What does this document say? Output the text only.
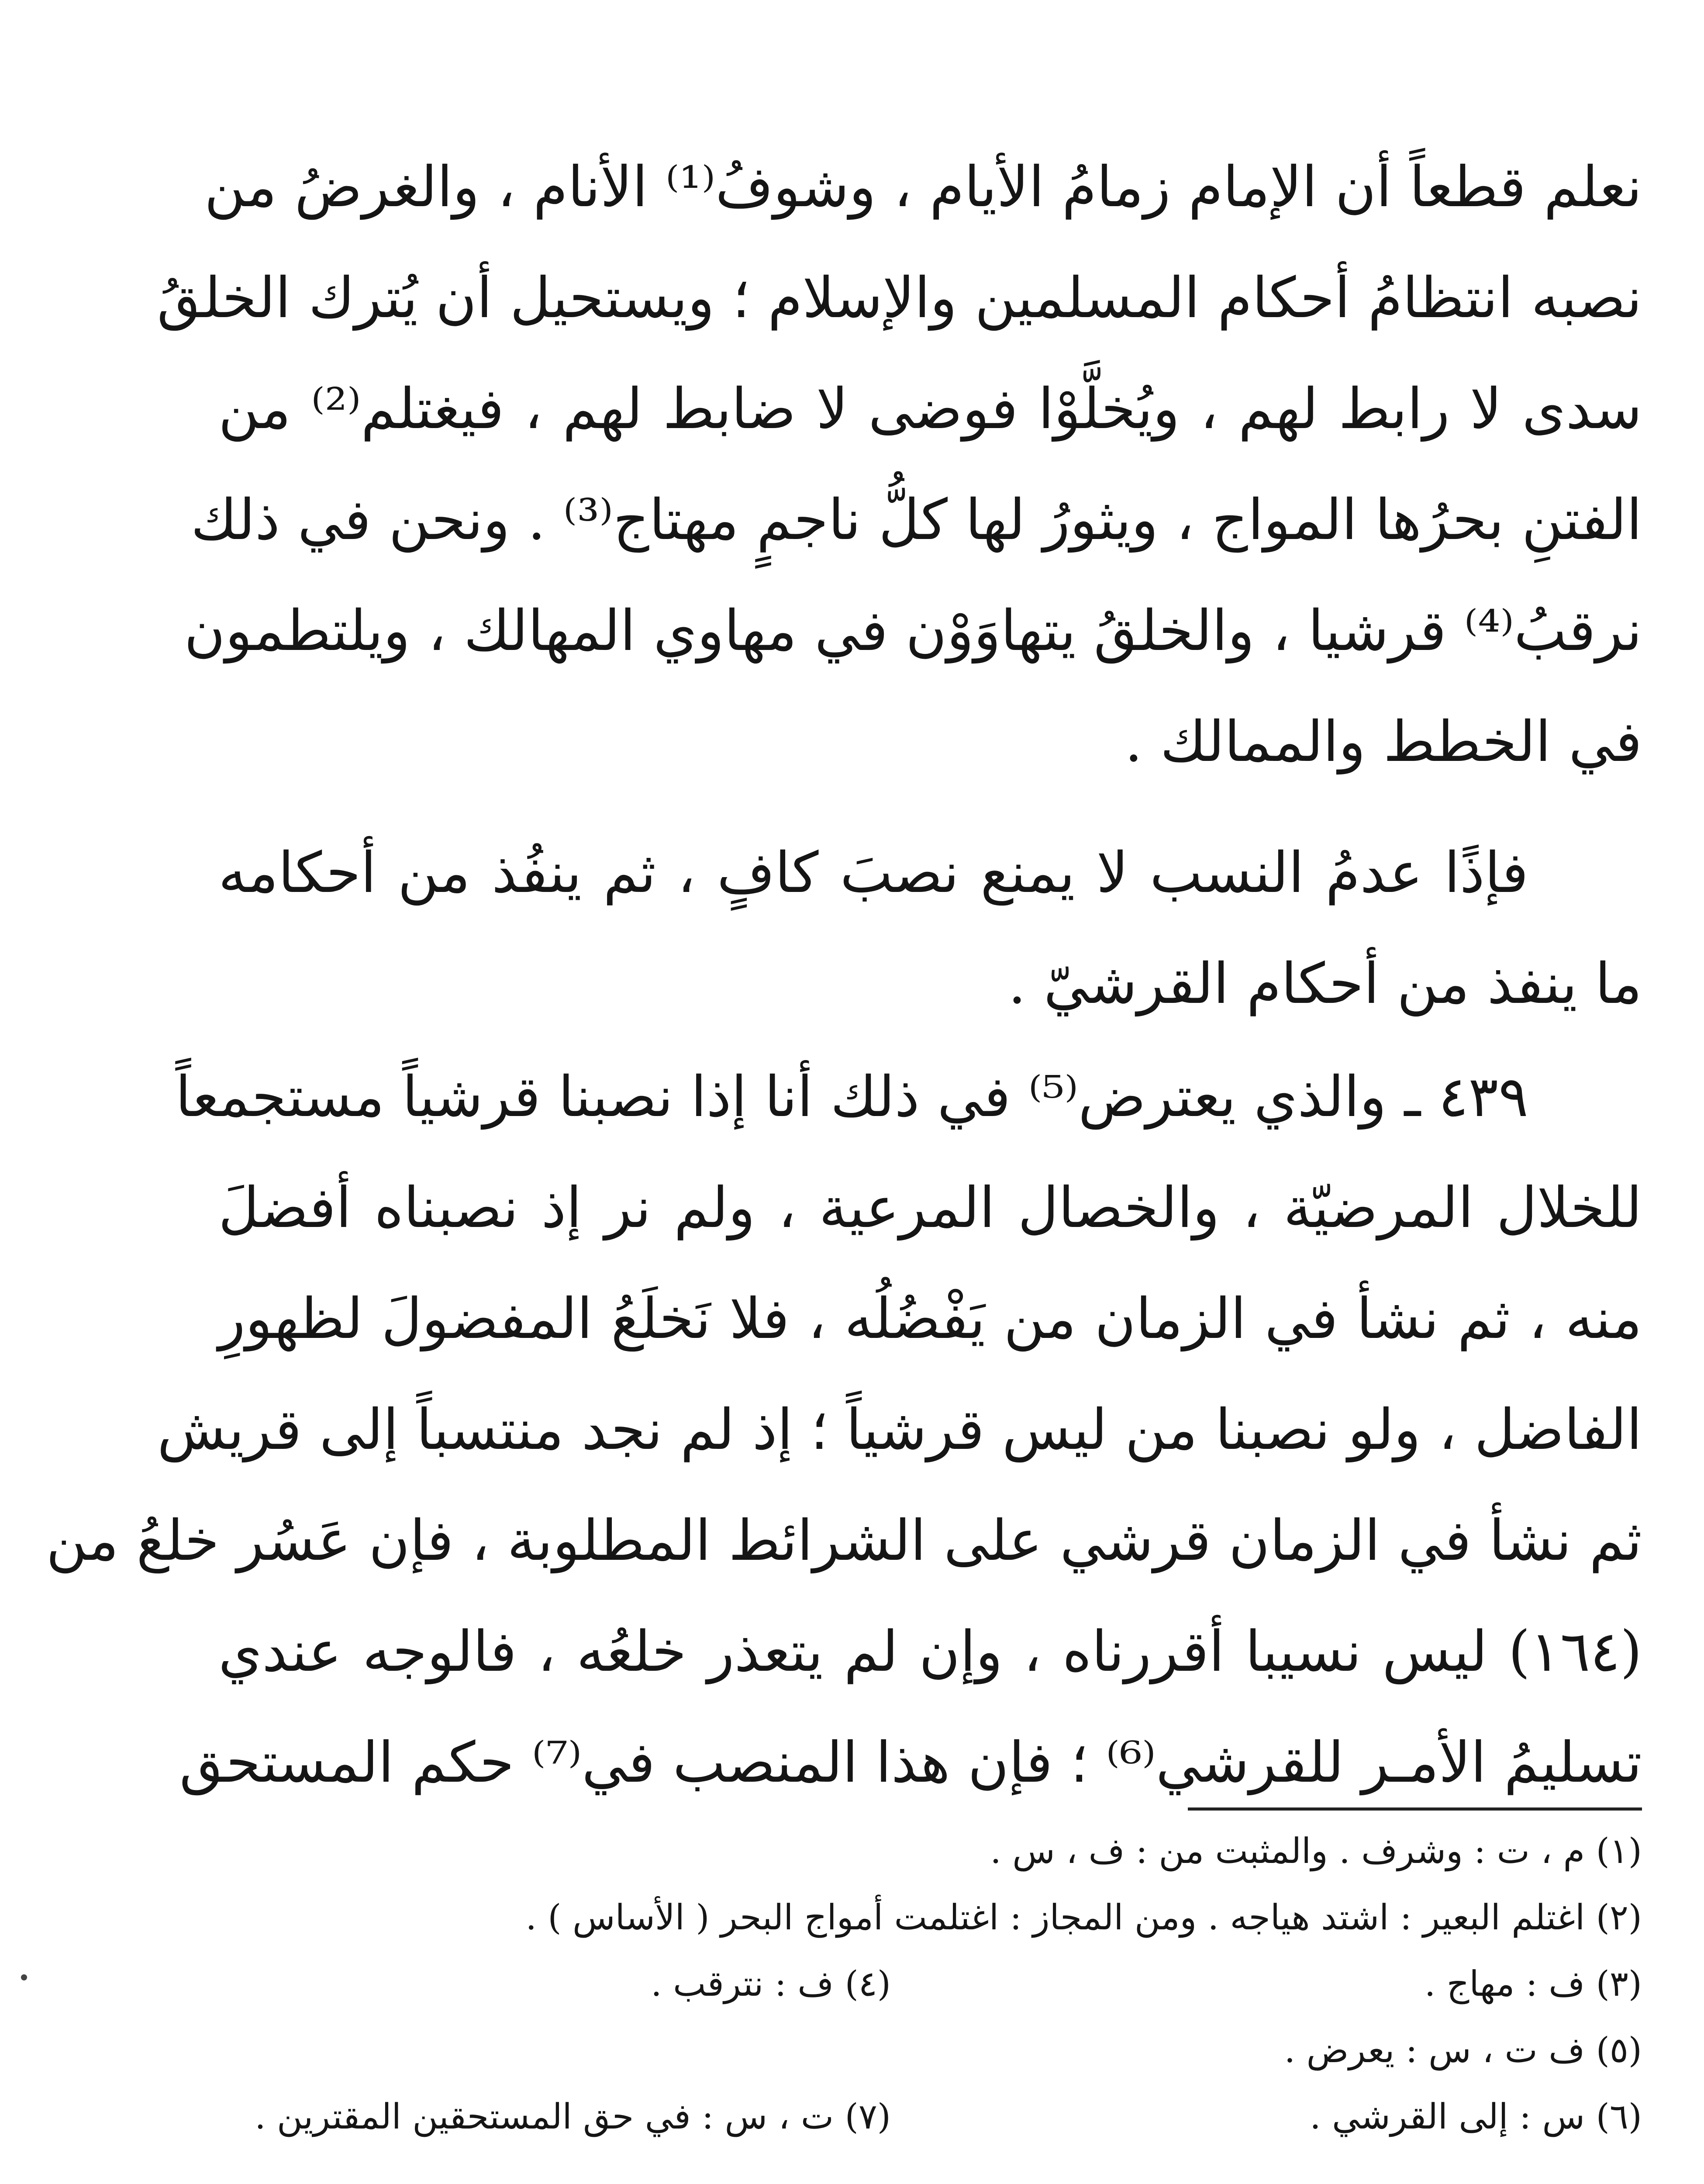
نعلم قطعاً أن الإمام زمامُ الأيام ، وشوفُ⁽¹⁾ الأنام ، والغرضُ من
نصبه انتظامُ أحكام المسلمين والإسلام ؛ ويستحيل أن يُترك الخلقُ
سدى لا رابط لهم ، ويُخلَّوْا فوضى لا ضابط لهم ، فيغتلم⁽²⁾ من
الفتنِ بحرُها المواج ، ويثورُ لها كلُّ ناجمٍ مهتاج⁽³⁾ . ونحن في ذلك
نرقبُ⁽⁴⁾ قرشيا ، والخلقُ يتهاوَوْن في مهاوي المهالك ، ويلتطمون
في الخطط والممالك .
فإذًا عدمُ النسب لا يمنع نصبَ كافٍ ، ثم ينفُذ من أحكامه
ما ينفذ من أحكام القرشيّ .
٤٣٩ ـ والذي يعترض⁽⁵⁾ في ذلك أنا إذا نصبنا قرشياً مستجمعاً
للخلال المرضيّة ، والخصال المرعية ، ولم نر إذ نصبناه أفضلَ
منه ، ثم نشأ في الزمان من يَفْضُلُه ، فلا نَخلَعُ المفضولَ لظهورِ
الفاضل ، ولو نصبنا من ليس قرشياً ؛ إذ لم نجد منتسباً إلى قريش
ثم نشأ في الزمان قرشي على الشرائط المطلوبة ، فإن عَسُر خلعُ من
(١٦٤) ليس نسيبا أقررناه ، وإن لم يتعذر خلعُه ، فالوجه عندي
تسليمُ الأمـر للقرشي⁽⁶⁾ ؛ فإن هذا المنصب في⁽⁷⁾ حكم المستحق
(١) م ، ت : وشرف . والمثبت من : ف ، س .
(٢) اغتلم البعير : اشتد هياجه . ومن المجاز : اغتلمت أمواج البحر ( الأساس ) .
(٣) ف : مهاج .
(٤) ف : نترقب .
(٥) ف ت ، س : يعرض .
(٦) س : إلى القرشي .
(٧) ت ، س : في حق المستحقين المقترين .
